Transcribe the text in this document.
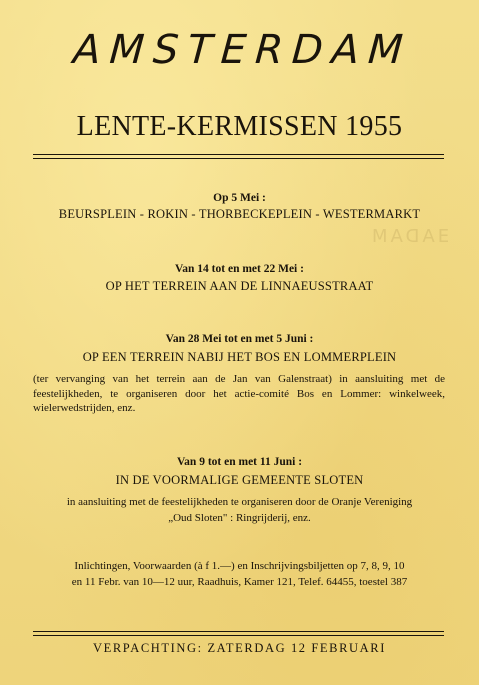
ƎADAM
AMSTERDAM
LENTE-KERMISSEN 1955
Op 5 Mei :
BEURSPLEIN - ROKIN - THORBECKEPLEIN - WESTERMARKT
Van 14 tot en met 22 Mei :
OP HET TERREIN AAN DE LINNAEUSSTRAAT
Van 28 Mei tot en met 5 Juni :
OP EEN TERREIN NABIJ HET BOS EN LOMMERPLEIN
(ter vervanging van het terrein aan de Jan van Galenstraat) in aansluiting met de feestelijkheden, te organiseren door het actie-comité Bos en Lommer: winkelweek, wielerwedstrijden, enz.
Van 9 tot en met 11 Juni :
IN DE VOORMALIGE GEMEENTE SLOTEN
in aansluiting met de feestelijkheden te organiseren door de Oranje Vereniging
„Oud Sloten" : Ringrijderij, enz.
Inlichtingen, Voorwaarden (à f 1.—) en Inschrijvingsbiljetten op 7, 8, 9, 10
en 11 Febr. van 10—12 uur, Raadhuis, Kamer 121, Telef. 64455, toestel 387
VERPACHTING: ZATERDAG 12 FEBRUARI
